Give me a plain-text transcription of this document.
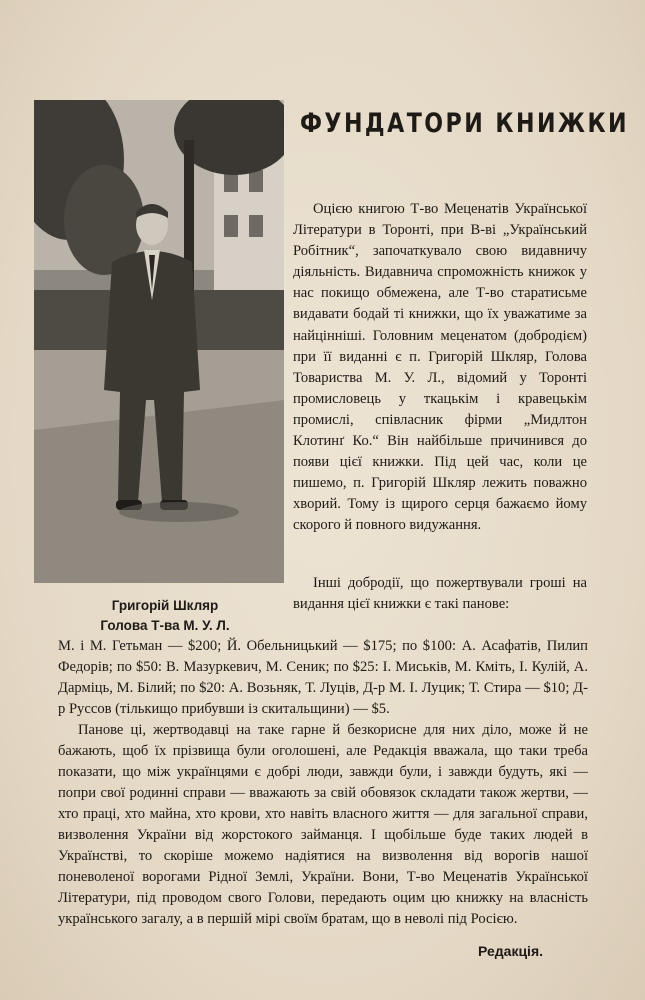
ФУНДАТОРИ КНИЖКИ

Оцією книгою Т-во Меценатів Української Літератури в Торонті, при В-ві „Український Робітник“, започаткувало свою видавничу діяльність. Видавнича спроможність книжок у нас покищо обмежена, але Т-во старатисьме видавати бодай ті книжки, що їх уважатиме за найцінніші. Головним меценатом (добродієм) при її виданні є п. Григорій Шкляр, Голова Товариства М. У. Л., відомий у Торонті промисловець у ткацькім і кравецькім промислі, співласник фірми „Мидлтон Клотинґ Ко.“ Він найбільше причинився до появи цієї книжки. Під цей час, коли це пишемо, п. Григорій Шкляр лежить поважно хворий. Тому із щирого серця бажаємо йому скорого й повного видужання.

Інші добродії, що пожертвували гроші на видання цієї книжки є такі панове:

Григорій Шкляр
Голова Т-ва М. У. Л.

М. і М. Гетьман — $200; Й. Обельницький — $175; по $100: А. Асафатів, Пилип Федорів; по $50: В. Мазуркевич, М. Сеник; по $25: І. Миськів, М. Кміть, І. Кулій, А. Дарміць, М. Білий; по $20: А. Возьняк, Т. Луців, Д-р М. І. Луцик; Т. Стира — $10; Д-р Руссов (тількищо прибувши із скитальщини) — $5.

Панове ці, жертводавці на таке гарне й безкорисне для них діло, може й не бажають, щоб їх прізвища були оголошені, але Редакція вважала, що таки треба показати, що між українцями є добрі люди, завжди були, і завжди будуть, які — попри свої родинні справи — вважають за свій обовязок складати також жертви, — хто праці, хто майна, хто крови, хто навіть власного життя — для загальної справи, визволення України від жорстокого займанця. І щобільше буде таких людей в Українстві, то скоріше можемо надіятися на визволення від ворогів нашої поневоленої ворогами Рідної Землі, України. Вони, Т-во Меценатів Української Літератури, під проводом свого Голови, передають оцим цю книжку на власність українського загалу, а в першій мірі своїм братам, що в неволі під Росією.

Редакція.
